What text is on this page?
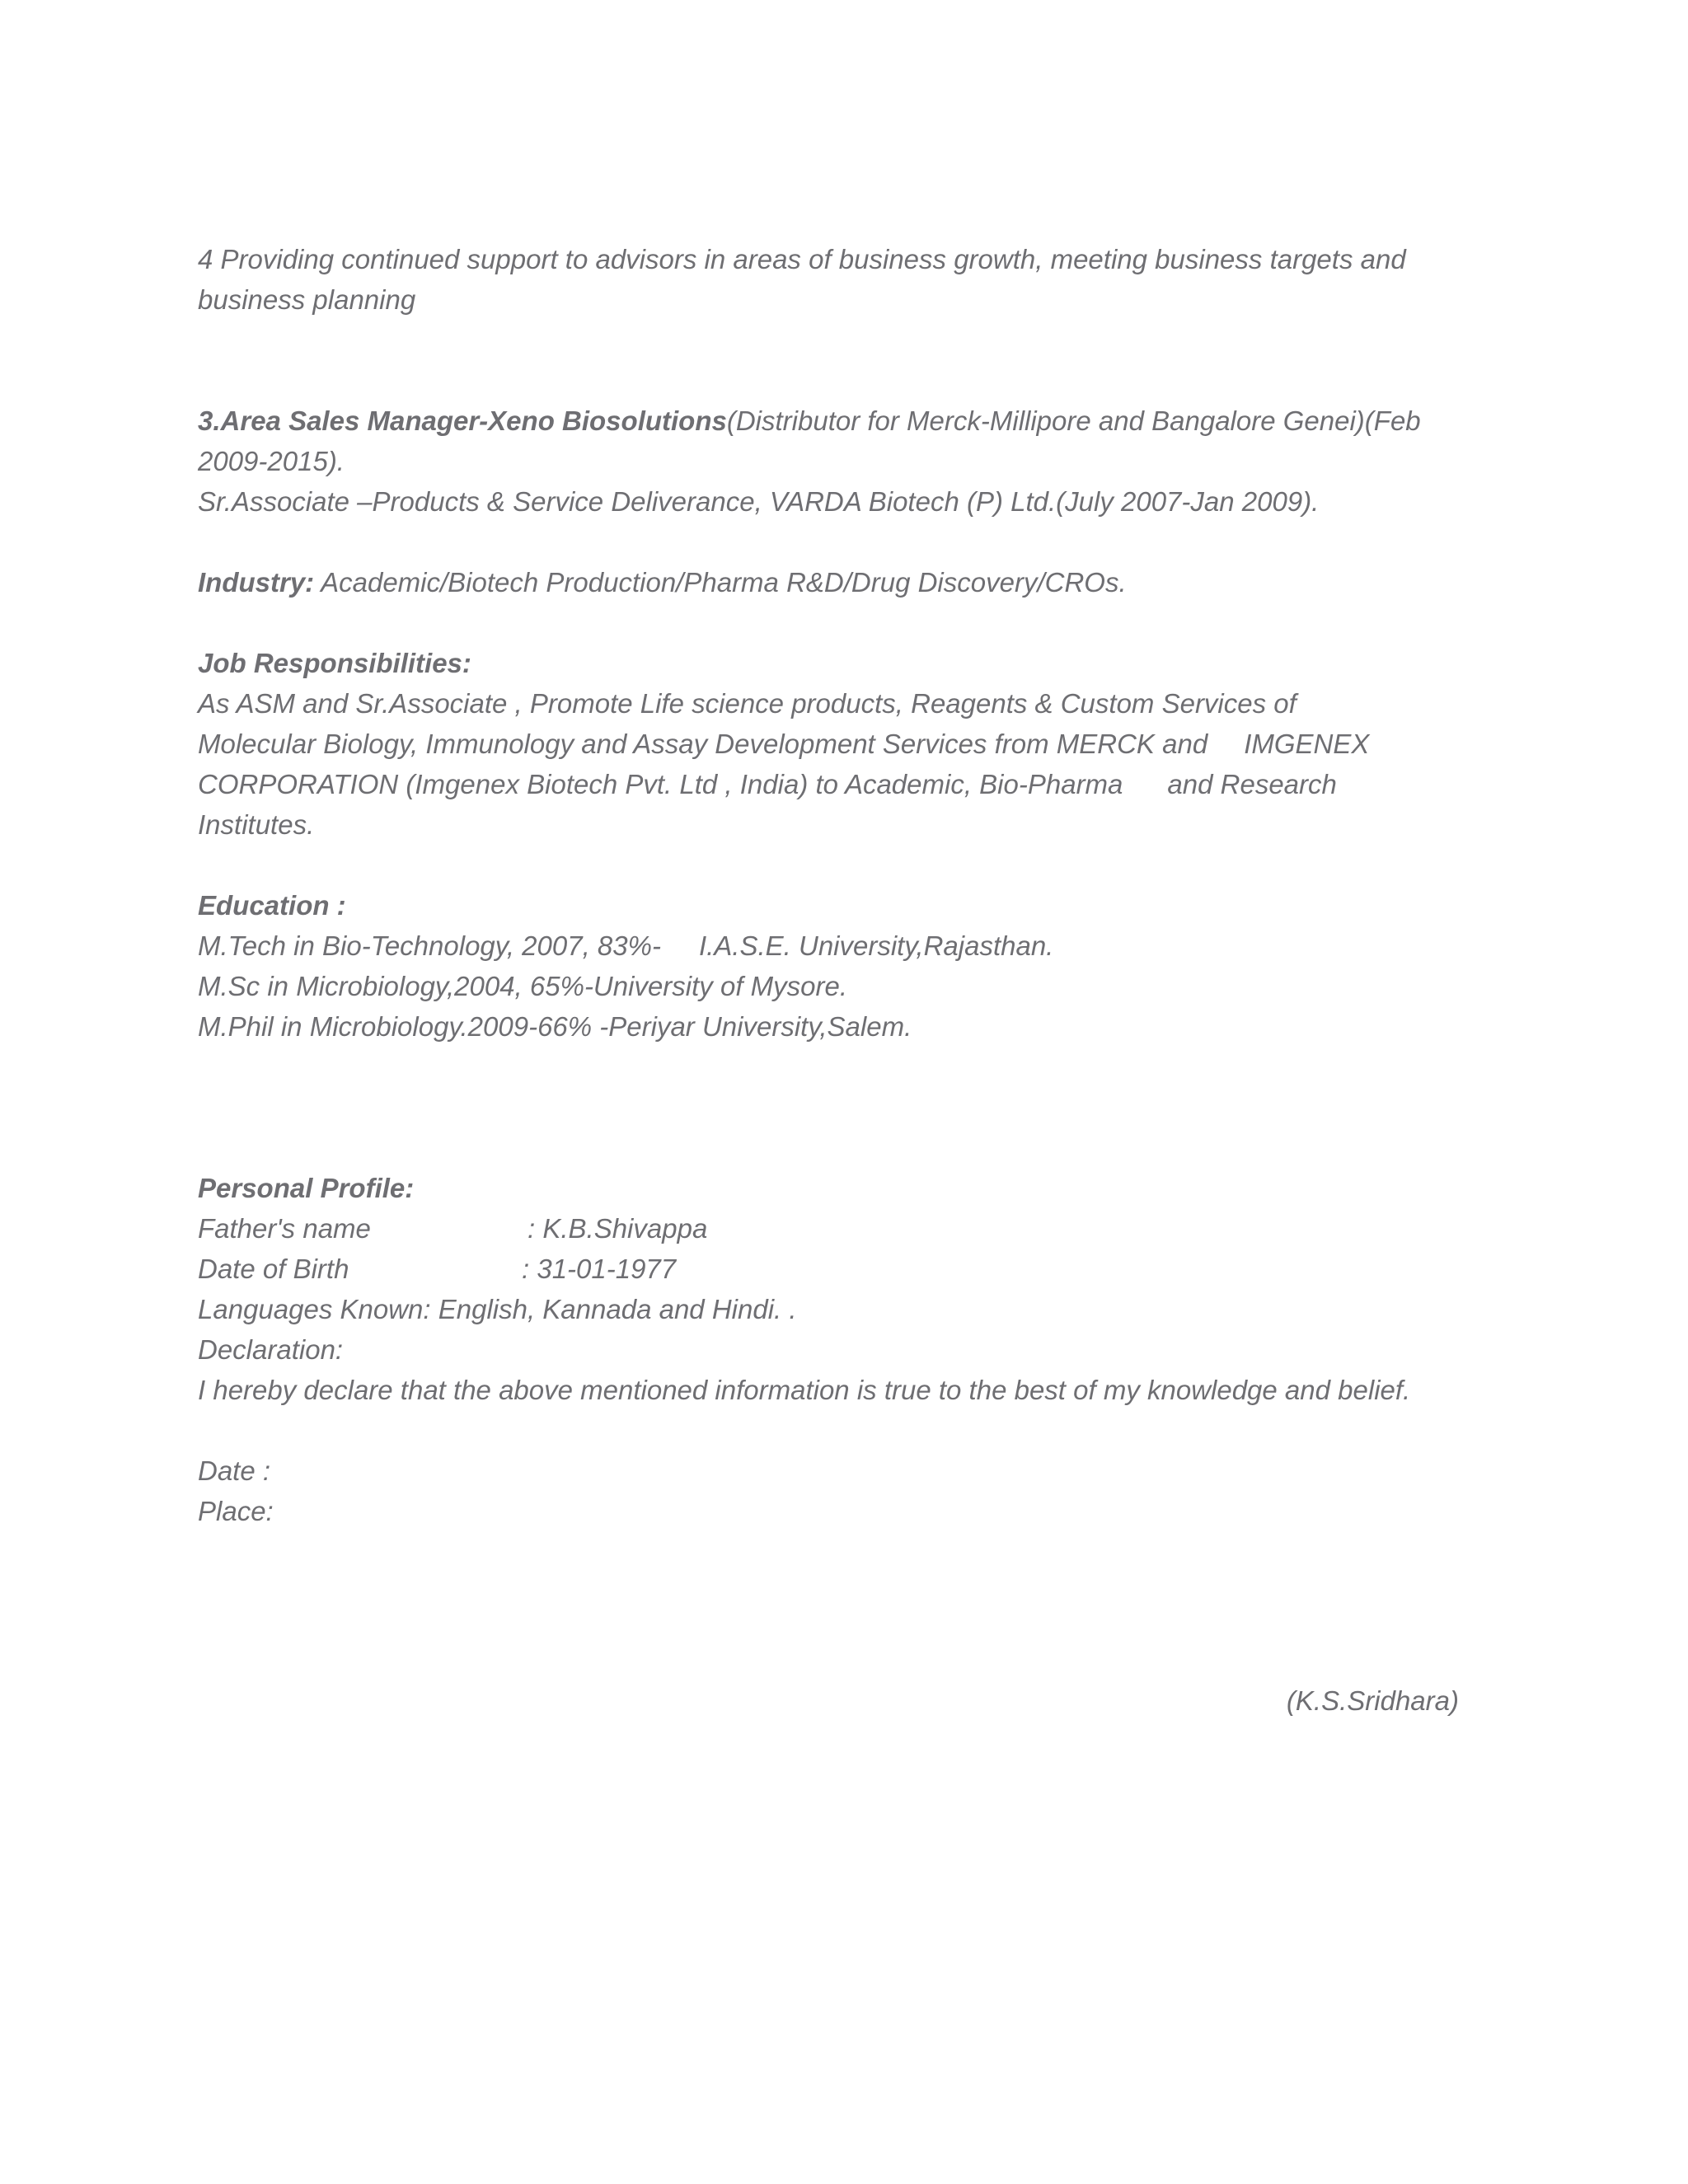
4 Providing continued support to advisors in areas of business growth, meeting business targets and business planning

3.Area Sales Manager-Xeno Biosolutions(Distributor for Merck-Millipore and Bangalore Genei)(Feb 2009-2015).

Sr.Associate –Products & Service Deliverance, VARDA Biotech (P) Ltd.(July 2007-Jan 2009).

Industry: Academic/Biotech Production/Pharma R&D/Drug Discovery/CROs.

Job Responsibilities:

As ASM and Sr.Associate , Promote Life science products, Reagents & Custom Services of

Molecular Biology, Immunology and Assay Development Services from MERCK and IMGENEX

CORPORATION (Imgenex Biotech Pvt. Ltd , India) to Academic, Bio-Pharma and Research

Institutes.

Education :

M.Tech in Bio-Technology, 2007, 83%- I.A.S.E. University,Rajasthan.

M.Sc in Microbiology,2004, 65%-University of Mysore.

M.Phil in Microbiology.2009-66% -Periyar University,Salem.

Personal Profile:

Father's name	: K.B.Shivappa

Date of Birth	: 31-01-1977

Languages Known: English, Kannada and Hindi. .

Declaration:

I hereby declare that the above mentioned information is true to the best of my knowledge and belief.

Date :

Place:

(K.S.Sridhara)
